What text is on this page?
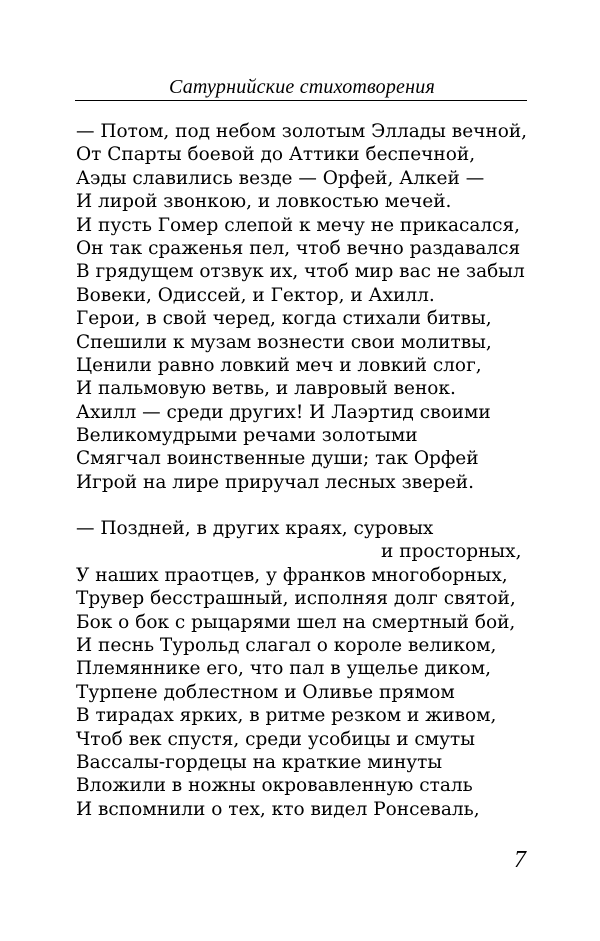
Сатурнийские стихотворения
— Потом, под небом золотым Эллады вечной,
От Спарты боевой до Аттики беспечной,
Аэды славились везде — Орфей, Алкей —
И лирой звонкою, и ловкостью мечей.
И пусть Гомер слепой к мечу не прикасался,
Он так сраженья пел, чтоб вечно раздавался
В грядущем отзвук их, чтоб мир вас не забыл
Вовеки, Одиссей, и Гектор, и Ахилл.
Герои, в свой черед, когда стихали битвы,
Спешили к музам вознести свои молитвы,
Ценили равно ловкий меч и ловкий слог,
И пальмовую ветвь, и лавровый венок.
Ахилл — среди других! И Лаэртид своими
Великомудрыми речами золотыми
Смягчал воинственные души; так Орфей
Игрой на лире приручал лесных зверей.
— Поздней, в других краях, суровых
и просторных,
У наших праотцев, у франков многоборных,
Трувер бесстрашный, исполняя долг святой,
Бок о бок с рыцарями шел на смертный бой,
И песнь Турольд слагал о короле великом,
Племяннике его, что пал в ущелье диком,
Турпене доблестном и Оливье прямом
В тирадах ярких, в ритме резком и живом,
Чтоб век спустя, среди усобицы и смуты
Вассалы-гордецы на краткие минуты
Вложили в ножны окровавленную сталь
И вспомнили о тех, кто видел Ронсеваль,
7
